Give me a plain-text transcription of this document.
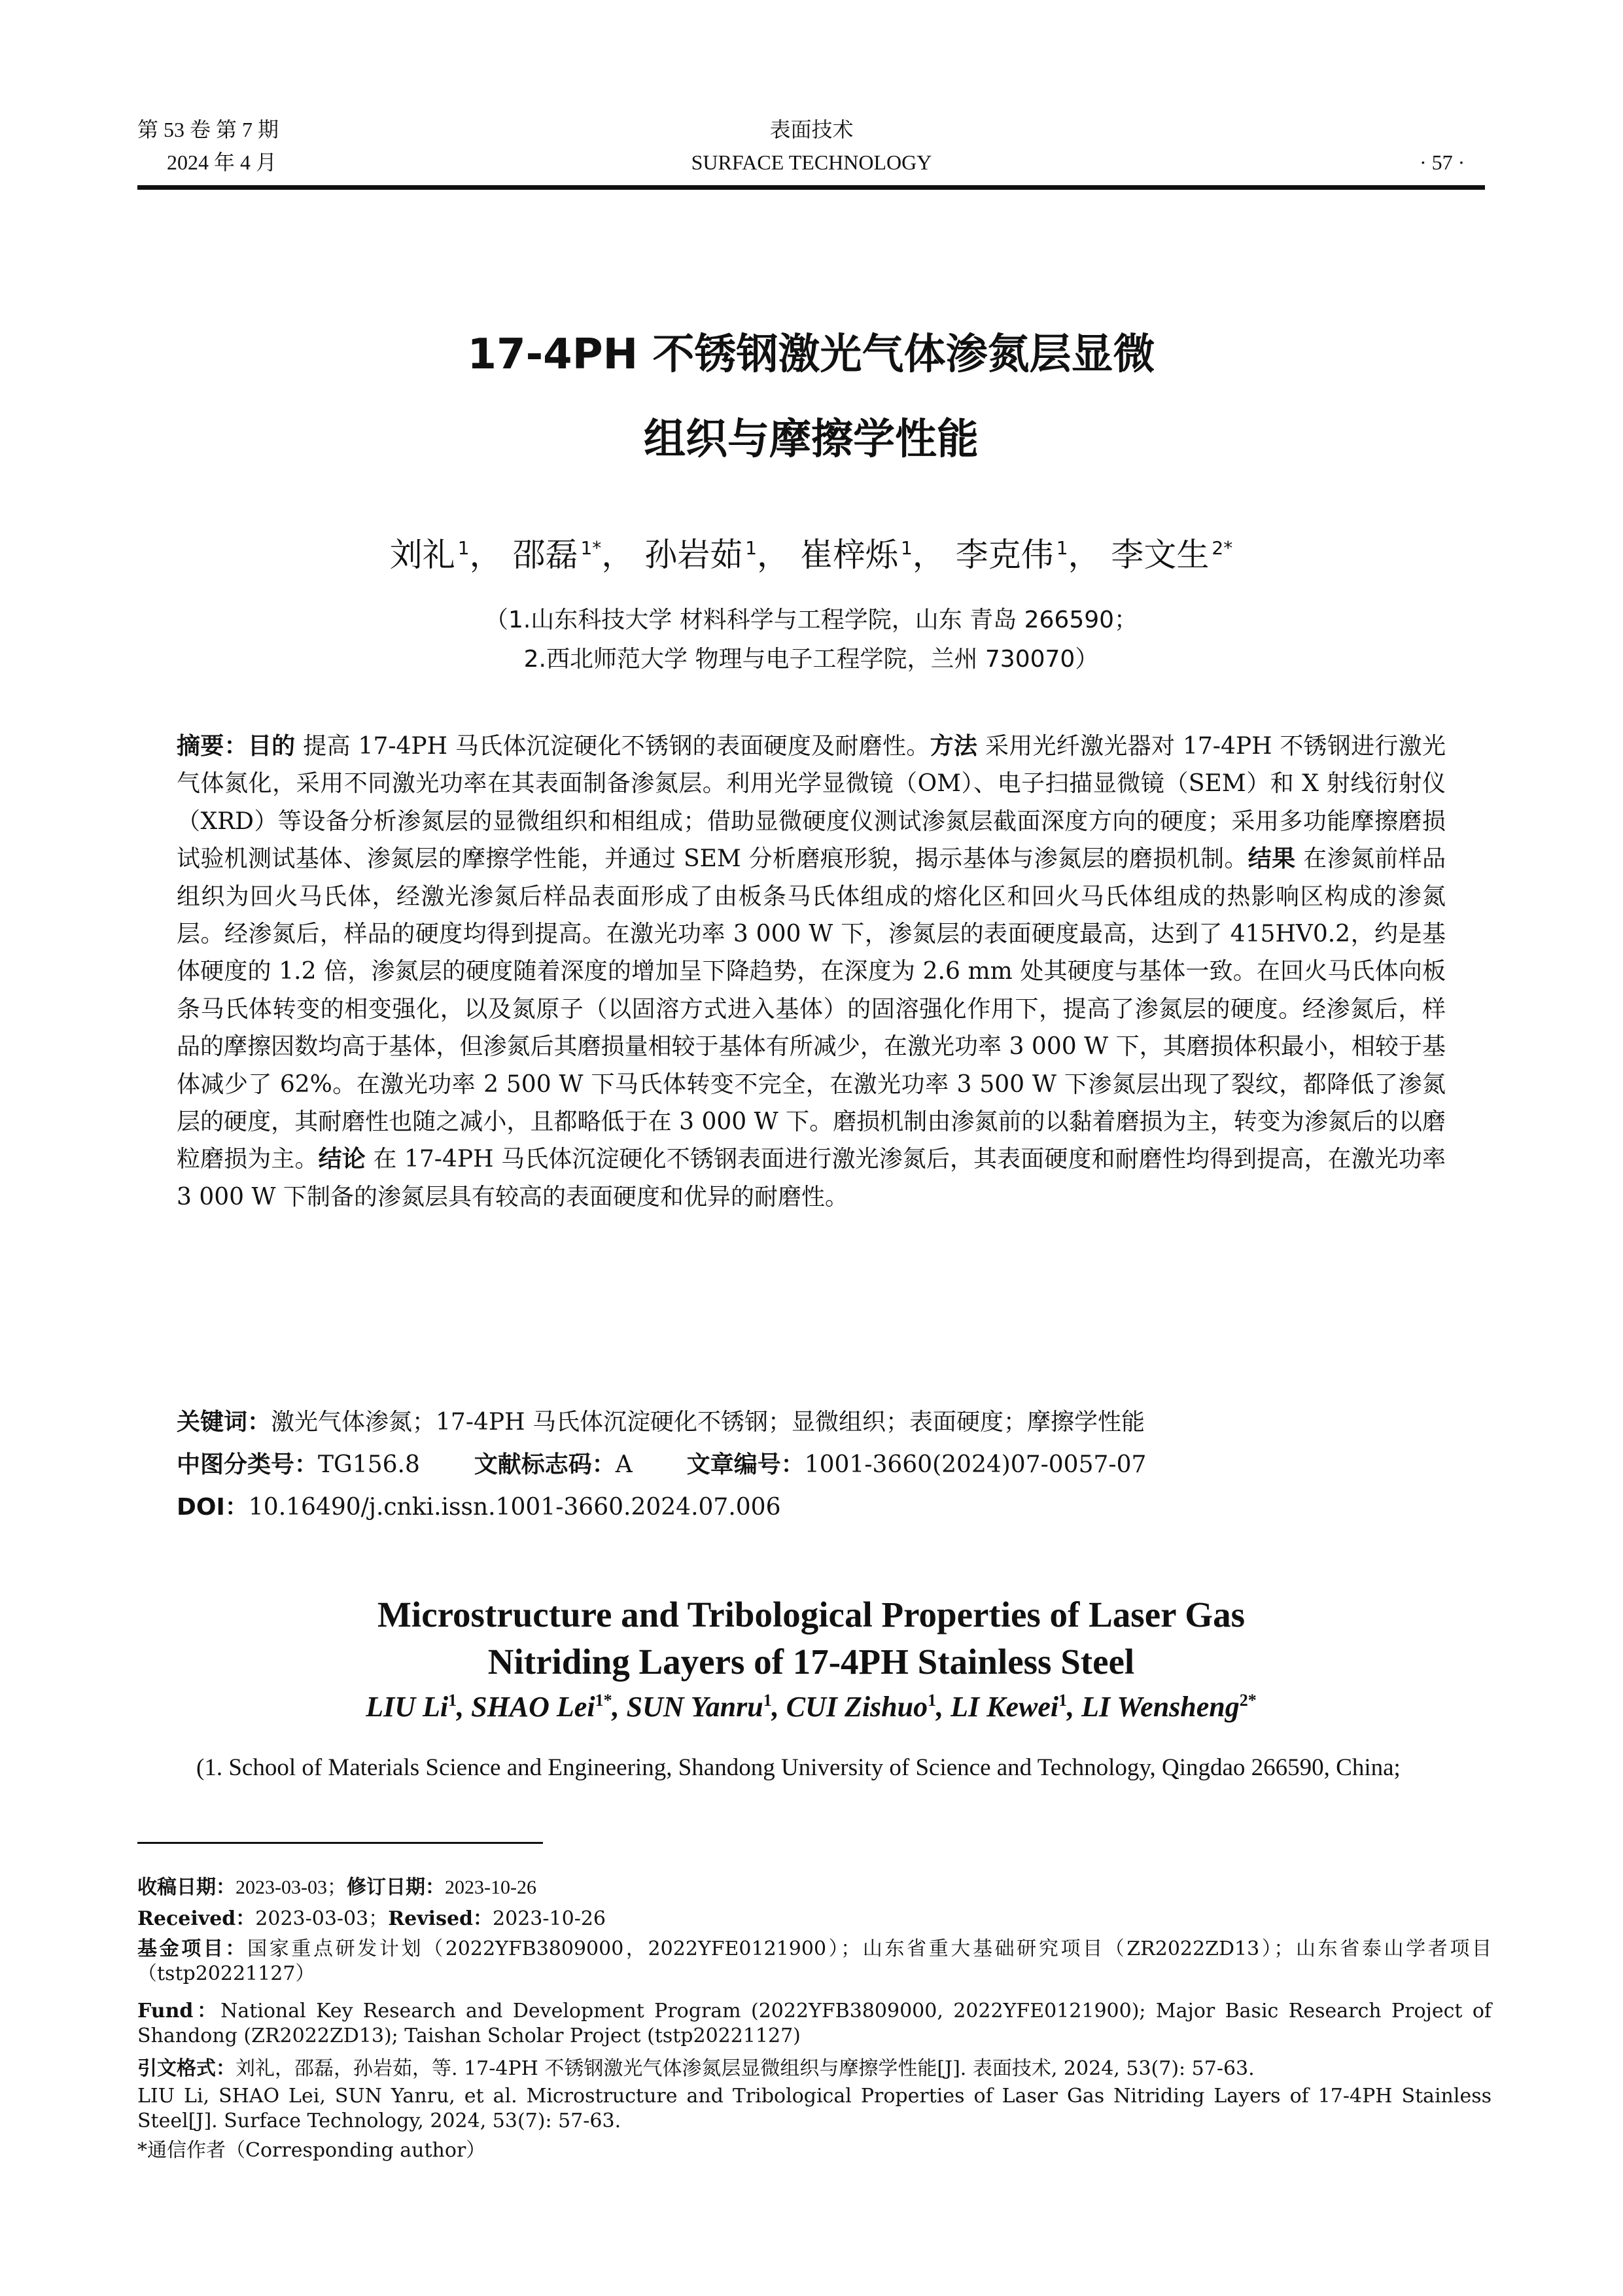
第 53 卷 第 7 期
2024 年 4 月
表面技术
SURFACE TECHNOLOGY	· 57 ·
17-4PH 不锈钢激光气体渗氮层显微
组织与摩擦学性能
刘礼 $^1$， 邵磊 $^{1*}$， 孙岩茹 $^1$， 崔梓烁 $^1$， 李克伟 $^1$， 李文生 $^{2*}$
（1.山东科技大学 材料科学与工程学院，山东 青岛 266590；
2.西北师范大学 物理与电子工程学院，兰州 730070）
摘要：目的 提高 17-4PH 马氏体沉淀硬化不锈钢的表面硬度及耐磨性。方法 采用光纤激光器对 17-4PH 不锈钢进行激光气体氮化，采用不同激光功率在其表面制备渗氮层。利用光学显微镜（OM）、电子扫描显微镜（SEM）和 X 射线衍射仪（XRD）等设备分析渗氮层的显微组织和相组成；借助显微硬度仪测试渗氮层截面深度方向的硬度；采用多功能摩擦磨损试验机测试基体、渗氮层的摩擦学性能，并通过 SEM 分析磨痕形貌，揭示基体与渗氮层的磨损机制。结果 在渗氮前样品组织为回火马氏体，经激光渗氮后样品表面形成了由板条马氏体组成的熔化区和回火马氏体组成的热影响区构成的渗氮层。经渗氮后，样品的硬度均得到提高。在激光功率 3 000 W 下，渗氮层的表面硬度最高，达到了 415HV0.2，约是基体硬度的 1.2 倍，渗氮层的硬度随着深度的增加呈下降趋势，在深度为 2.6 mm 处其硬度与基体一致。在回火马氏体向板条马氏体转变的相变强化，以及氮原子（以固溶方式进入基体）的固溶强化作用下，提高了渗氮层的硬度。经渗氮后，样品的摩擦因数均高于基体，但渗氮后其磨损量相较于基体有所减少，在激光功率 3 000 W 下，其磨损体积最小，相较于基体减少了 62%。在激光功率 2 500 W 下马氏体转变不完全，在激光功率 3 500 W 下渗氮层出现了裂纹，都降低了渗氮层的硬度，其耐磨性也随之减小，且都略低于在 3 000 W 下。磨损机制由渗氮前的以黏着磨损为主，转变为渗氮后的以磨粒磨损为主。结论 在 17-4PH 马氏体沉淀硬化不锈钢表面进行激光渗氮后，其表面硬度和耐磨性均得到提高，在激光功率 3 000 W 下制备的渗氮层具有较高的表面硬度和优异的耐磨性。
关键词：激光气体渗氮；17-4PH 马氏体沉淀硬化不锈钢；显微组织；表面硬度；摩擦学性能
中图分类号：TG156.8 文献标志码：A 文章编号：1001-3660(2024)07-0057-07
DOI：10.16490/j.cnki.issn.1001-3660.2024.07.006
Microstructure and Tribological Properties of Laser Gas
Nitriding Layers of 17-4PH Stainless Steel
LIU Li$^1$, SHAO Lei$^{1*}$, SUN Yanru$^1$, CUI Zishuo$^1$, LI Kewei$^1$, LI Wensheng$^{2*}$
(1. School of Materials Science and Engineering, Shandong University of Science and Technology, Qingdao 266590, China;
收稿日期：2023-03-03；修订日期：2023-10-26
Received：2023-03-03；Revised：2023-10-26
基金项目：国家重点研发计划（2022YFB3809000，2022YFE0121900）；山东省重大基础研究项目（ZR2022ZD13）；山东省泰山学者项目（tstp20221127）
Fund：National Key Research and Development Program (2022YFB3809000, 2022YFE0121900); Major Basic Research Project of Shandong (ZR2022ZD13); Taishan Scholar Project (tstp20221127)
引文格式：刘礼，邵磊，孙岩茹，等. 17-4PH 不锈钢激光气体渗氮层显微组织与摩擦学性能[J]. 表面技术, 2024, 53(7): 57-63.
LIU Li, SHAO Lei, SUN Yanru, et al. Microstructure and Tribological Properties of Laser Gas Nitriding Layers of 17-4PH Stainless Steel[J]. Surface Technology, 2024, 53(7): 57-63.
*通信作者（Corresponding author）
